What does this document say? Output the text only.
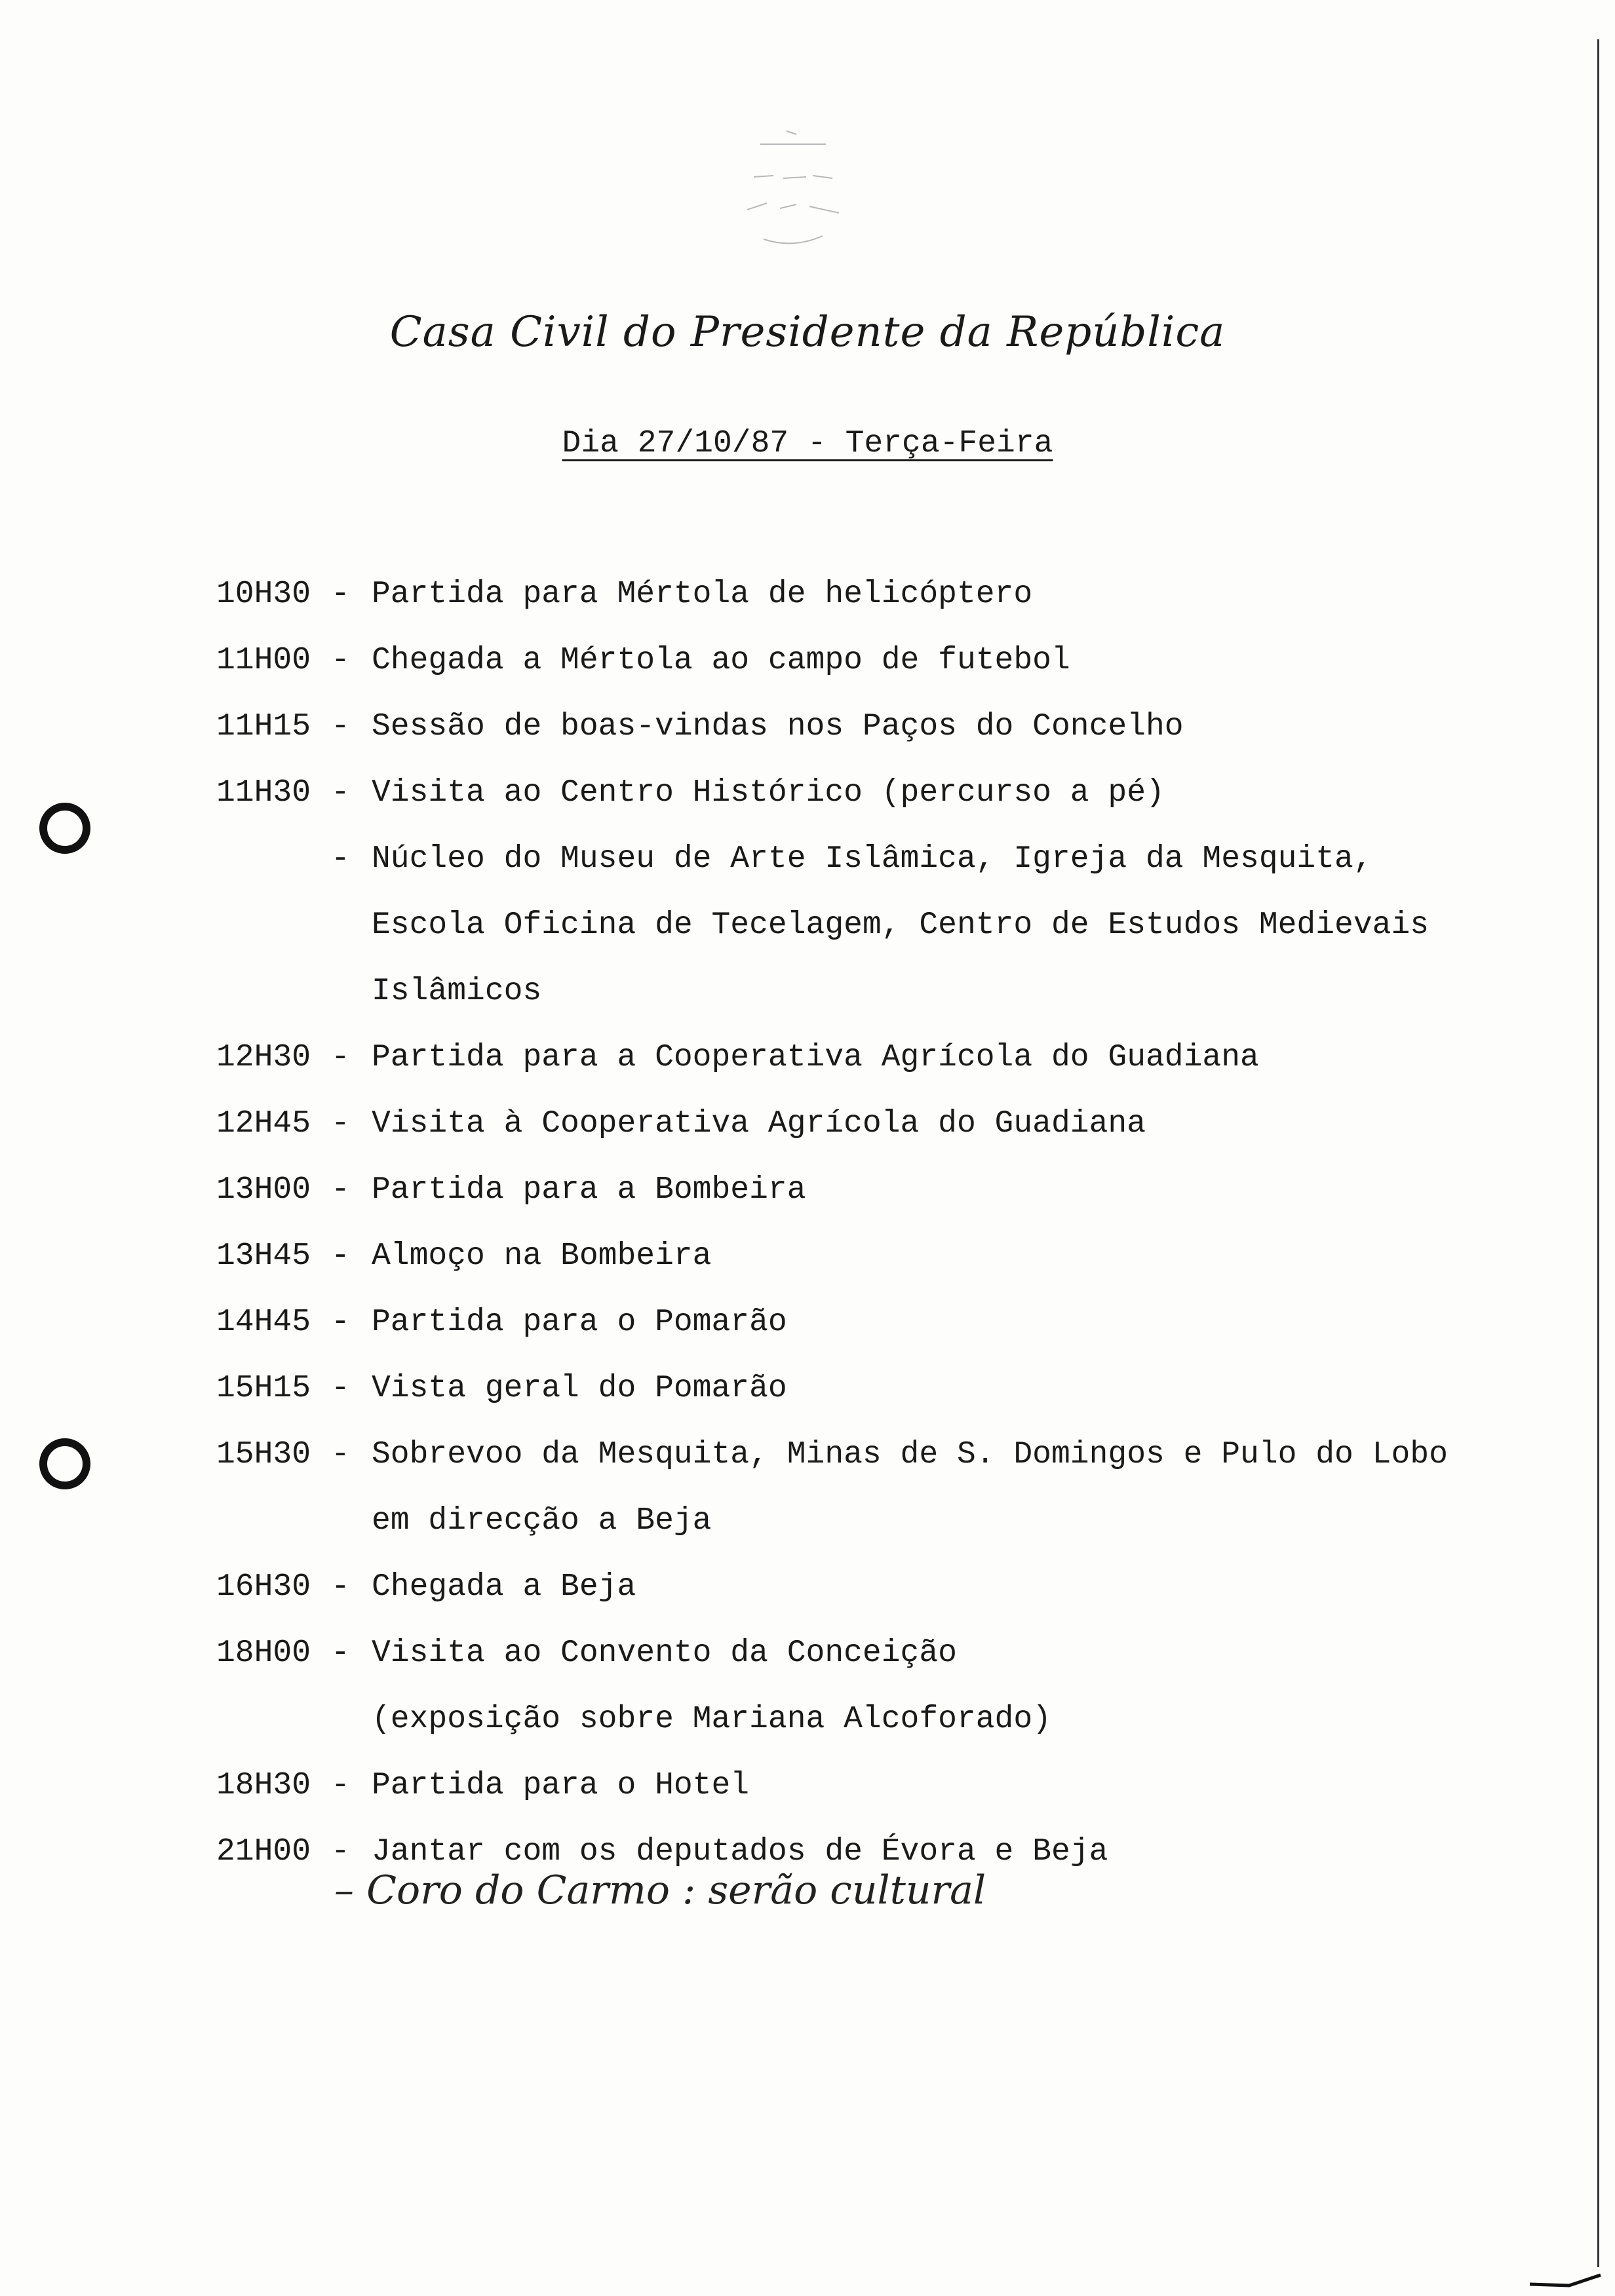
Casa Civil do Presidente da República
Dia 27/10/87 - Terça-Feira
10H30 - Partida para Mértola de helicóptero
11H00 - Chegada a Mértola ao campo de futebol
11H15 - Sessão de boas-vindas nos Paços do Concelho
11H30 - Visita ao Centro Histórico (percurso a pé)
- Núcleo do Museu de Arte Islâmica, Igreja da Mesquita,
Escola Oficina de Tecelagem, Centro de Estudos Medievais
Islâmicos
12H30 - Partida para a Cooperativa Agrícola do Guadiana
12H45 - Visita à Cooperativa Agrícola do Guadiana
13H00 - Partida para a Bombeira
13H45 - Almoço na Bombeira
14H45 - Partida para o Pomarão
15H15 - Vista geral do Pomarão
15H30 - Sobrevoo da Mesquita, Minas de S. Domingos e Pulo do Lobo
em direcção a Beja
16H30 - Chegada a Beja
18H00 - Visita ao Convento da Conceição
(exposição sobre Mariana Alcoforado)
18H30 - Partida para o Hotel
21H00 - Jantar com os deputados de Évora e Beja
– Coro do Carmo : serão cultural
